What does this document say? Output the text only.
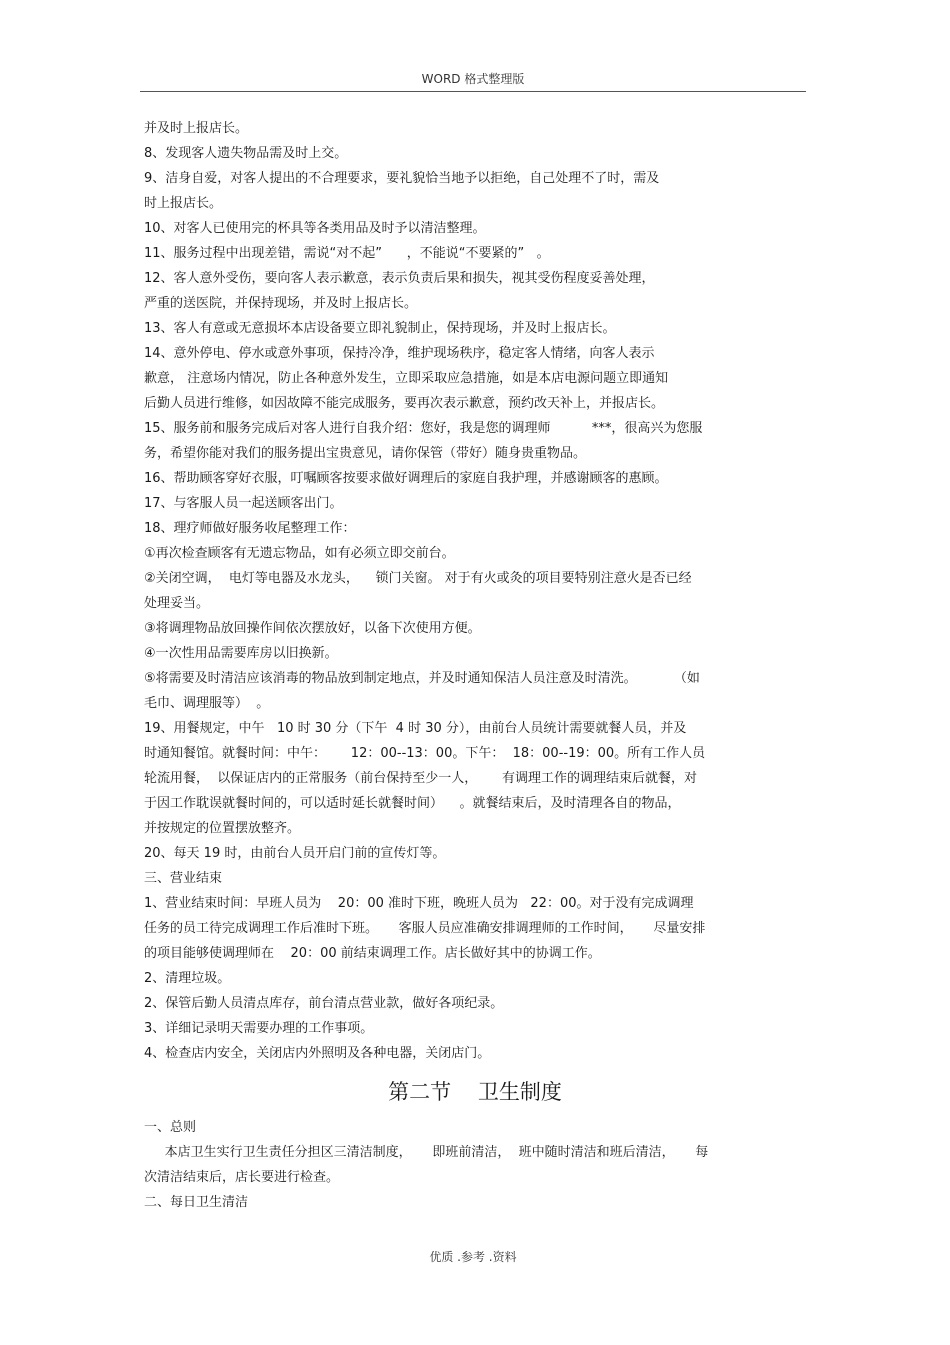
WORD 格式整理版
并及时上报店长。
8、发现客人遗失物品需及时上交。
9、洁身自爱，对客人提出的不合理要求，要礼貌恰当地予以拒绝，自己处理不了时，需及
时上报店长。
10、对客人已使用完的杯具等各类用品及时予以清洁整理。
11、服务过程中出现差错，需说“对不起”      ，不能说“不要紧的”   。
12、客人意外受伤，要向客人表示歉意，表示负责后果和损失，视其受伤程度妥善处理，
严重的送医院，并保持现场，并及时上报店长。
13、客人有意或无意损坏本店设备要立即礼貌制止，保持现场，并及时上报店长。
14、意外停电、停水或意外事项，保持冷净，维护现场秩序，稳定客人情绪，向客人表示
歉意， 注意场内情况，防止各种意外发生，立即采取应急措施，如是本店电源问题立即通知
后勤人员进行维修，如因故障不能完成服务，要再次表示歉意，预约改天补上，并报店长。
15、服务前和服务完成后对客人进行自我介绍：您好，我是您的调理师          ***，很高兴为您服
务，希望你能对我们的服务提出宝贵意见，请你保管（带好）随身贵重物品。
16、帮助顾客穿好衣服，叮嘱顾客按要求做好调理后的家庭自我护理，并感谢顾客的惠顾。
17、与客服人员一起送顾客出门。
18、理疗师做好服务收尾整理工作：
①再次检查顾客有无遗忘物品，如有必须立即交前台。
②关闭空调，  电灯等电器及水龙头，    锁门关窗。 对于有火或灸的项目要特别注意火是否已经
处理妥当。
③将调理物品放回操作间依次摆放好，以备下次使用方便。
④一次性用品需要库房以旧换新。
⑤将需要及时清洁应该消毒的物品放到制定地点，并及时通知保洁人员注意及时清洗。         （如
毛巾、调理服等）  。
19、用餐规定，中午   10 时 30 分（下午  4 时 30 分），由前台人员统计需要就餐人员，并及
时通知餐馆。就餐时间：中午：      12：00--13：00。下午：  18：00--19：00。所有工作人员
轮流用餐，  以保证店内的正常服务（前台保持至少一人，      有调理工作的调理结束后就餐，对
于因工作耽误就餐时间的，可以适时延长就餐时间）    。就餐结束后，及时清理各自的物品，
并按规定的位置摆放整齐。
20、每天 19 时，由前台人员开启门前的宣传灯等。
三、营业结束
1、营业结束时间：早班人员为    20：00 准时下班，晚班人员为   22：00。对于没有完成调理
任务的员工待完成调理工作后准时下班。     客服人员应准确安排调理师的工作时间，     尽量安排
的项目能够使调理师在    20：00 前结束调理工作。店长做好其中的协调工作。
2、清理垃圾。
2、保管后勤人员清点库存，前台清点营业款，做好各项纪录。
3、详细记录明天需要办理的工作事项。
4、检查店内安全，关闭店内外照明及各种电器，关闭店门。
第二节    卫生制度
一、总则
本店卫生实行卫生责任分担区三清洁制度，     即班前清洁，  班中随时清洁和班后清洁，     每
次清洁结束后，店长要进行检查。
二、每日卫生清洁
优质 .参考 .资料
